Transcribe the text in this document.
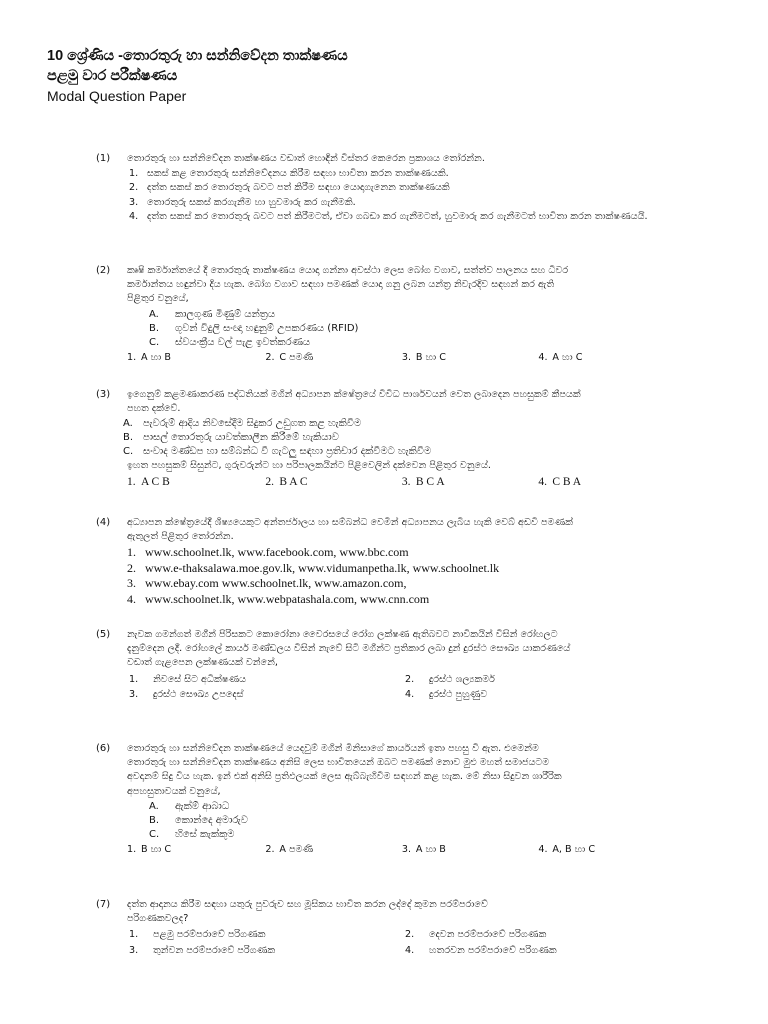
10 ශ්‍රේණිය -තොරතුරු හා සන්නිවේදන තාක්ෂණය
පළමු වාර පරීක්ෂණය
Modal Question Paper
(1)	තොරතුරු හා සන්නිවේදන තාක්ෂණය වඩාත් හොඳින් විස්තර කෙරෙන ප්‍රකාශය තෝරන්න.
1. සකස් කළ තොරතුරු සන්නිවේදනය කිරීම සඳහා භාවිතා කරන තාක්ෂණයකි.
2. දත්ත සකස් කර තොරතුරු බවට පත් කිරීම සඳහා යොදාගැනෙන තාක්ෂණයකි
3. තොරතුරු සකස් කරගැනීම හා හුවමාරු කර ගැනීමකි.
4. දත්ත සකස් කර තොරතුරු බවට පත් කිරීමටත්, ඒවා ගබඩා කර ගැනීමටත්, හුවමාරු කර ගැනීමටත් භාවිතා කරන තාක්ෂණයයි.
(2)	කෘෂි කර්මාන්තයේ දී තොරතුරු තාක්ෂණය යොදා ගන්නා අවස්ථා ලෙස බෝග වගාව, සත්ත්ව පාලනය සහ ධීවර
කර්මාන්තය හඳුන්වා දිය හැක. බෝග වගාව සඳහා පමණක් යොදා ගනු ලබන යන්ත්‍ර නිවැරදිව සඳහන් කර ඇති
පිළිතුර වනුයේ,
A. කාලගුණ මිණුම් යන්ත්‍රය
B. ගුවන් විදුලි සංඥා හඳුනුම් උපකරණය (RFID)
C. ස්වයංක්‍රීය වල් පැළ ඉවත්කරණය
1. A හා B	2. C පමණි	3. B හා C	4. A හා C
(3)	ඉගෙනුම් කළමණාකරණ පද්ධතියක් මගින් අධ්‍යාපන ක්ෂේත්‍රයේ විවිධ පාර්ශවයන් වෙත ලබාදෙන පහසුකම් කීපයක්
පහත දක්වේ.
A. පැවරුම් ආදිය නිවසේදීම සිදුකර උඩුගත කළ හැකිවීම
B. පාසල් තොරතුරු යාවත්කාලීන කිරීමේ හැකියාව
C. සංවාද මණ්ඩප හා සම්බන්ධ වී ගැටලු සඳහා ප්‍රතිචාර දක්වීමට හැකිවීම
ඉහත පහසුකම් සිසුන්ට, ගුරුවරුන්ට හා පරිපාලකයින්ට පිළිවෙලින් දක්වෙන පිළිතුර වනුයේ.
1. A C B	2. B A C	3. B C A	4. C B A
(4)	අධ්‍යාපන ක්ෂේත්‍රයේදී ශිෂ්‍යයෙකුට අන්තර්ජාලය හා සම්බන්ධ වෙමින් අධ්‍යාපනය ලැබිය හැකි වෙබ් අඩවි පමණක්
ඇතුලත් පිළිතුර තෝරන්න.
1. www.schoolnet.lk, www.facebook.com, www.bbc.com
2. www.e-thaksalawa.moe.gov.lk, www.vidumanpetha.lk, www.schoolnet.lk
3. www.ebay.com www.schoolnet.lk, www.amazon.com,
4. www.schoolnet.lk, www.webpatashala.com, www.cnn.com
(5)	නැවක ගමන්ගත් මගීන් පිරිසකට කොරෝනා වෛරසයේ රෝග ලක්ෂණ ඇතිබවට නාවිකයින් විසින් රෝහලට
දැනුම්දෙන ලදී. රෝහලේ කාර්ය මණ්ඩලය විසින් නැවේ සිටි මගීන්ට ප්‍රතිකාර ලබා දුන් දුරස්ථ සෞඛ්‍ය යාකරණයේ
වඩාත් ගැළපෙන ලක්ෂණයක් වන්නේ,
1. නිවසේ සිට අධීක්ෂණය	2. දුරස්ථ ශල්‍යකර්ම
3. දුරස්ථ සෞඛ්‍ය උපදෙස්	4. දුරස්ථ පුහුණුව
(6)	තොරතුරු හා සන්නිවේදන තාක්ෂණයේ යෙදවුම් මගින් මිනිසාගේ කාර්යයන් ඉතා පහසු වී ඇත. එමෙන්ම
තොරතුරු හා සන්නිවේදන තාක්ෂණය අනිසි ලෙස භාවිතයෙන් ඔබට පමණක් නොව මුළු මහත් සමාජයටම
අවදානම් සිදු විය හැක. ඉන් එක් අනිසි ප්‍රතිඵලයක් ලෙස ඇබ්බැහිවීම සඳහන් කළ හැක. මේ නිසා සිදුවන ශාරීරික
අපහසුතාවයක් වනුයේ,
A. ඇක්ම් ආබාධ
B. කොන්දෙ අමාරුව
C. හිසේ කැක්කුම
1. B හා C	2. A පමණි	3. A හා B	4. A, B හා C
(7)	දත්ත ආදානය කිරීම සඳහා යතුරු පුවරුව සහ මූසිකය භාවිත කරන ලද්දේ කුමන පරම්පරාවේ
පරිගණකවලද?
1. පළමු පරම්පරාවේ පරිගණක	2. දෙවන පරම්පරාවේ පරිගණක
3. තුන්වන පරම්පරාවේ පරිගණක	4. හතරවන පරම්පරාවේ පරිගණක
